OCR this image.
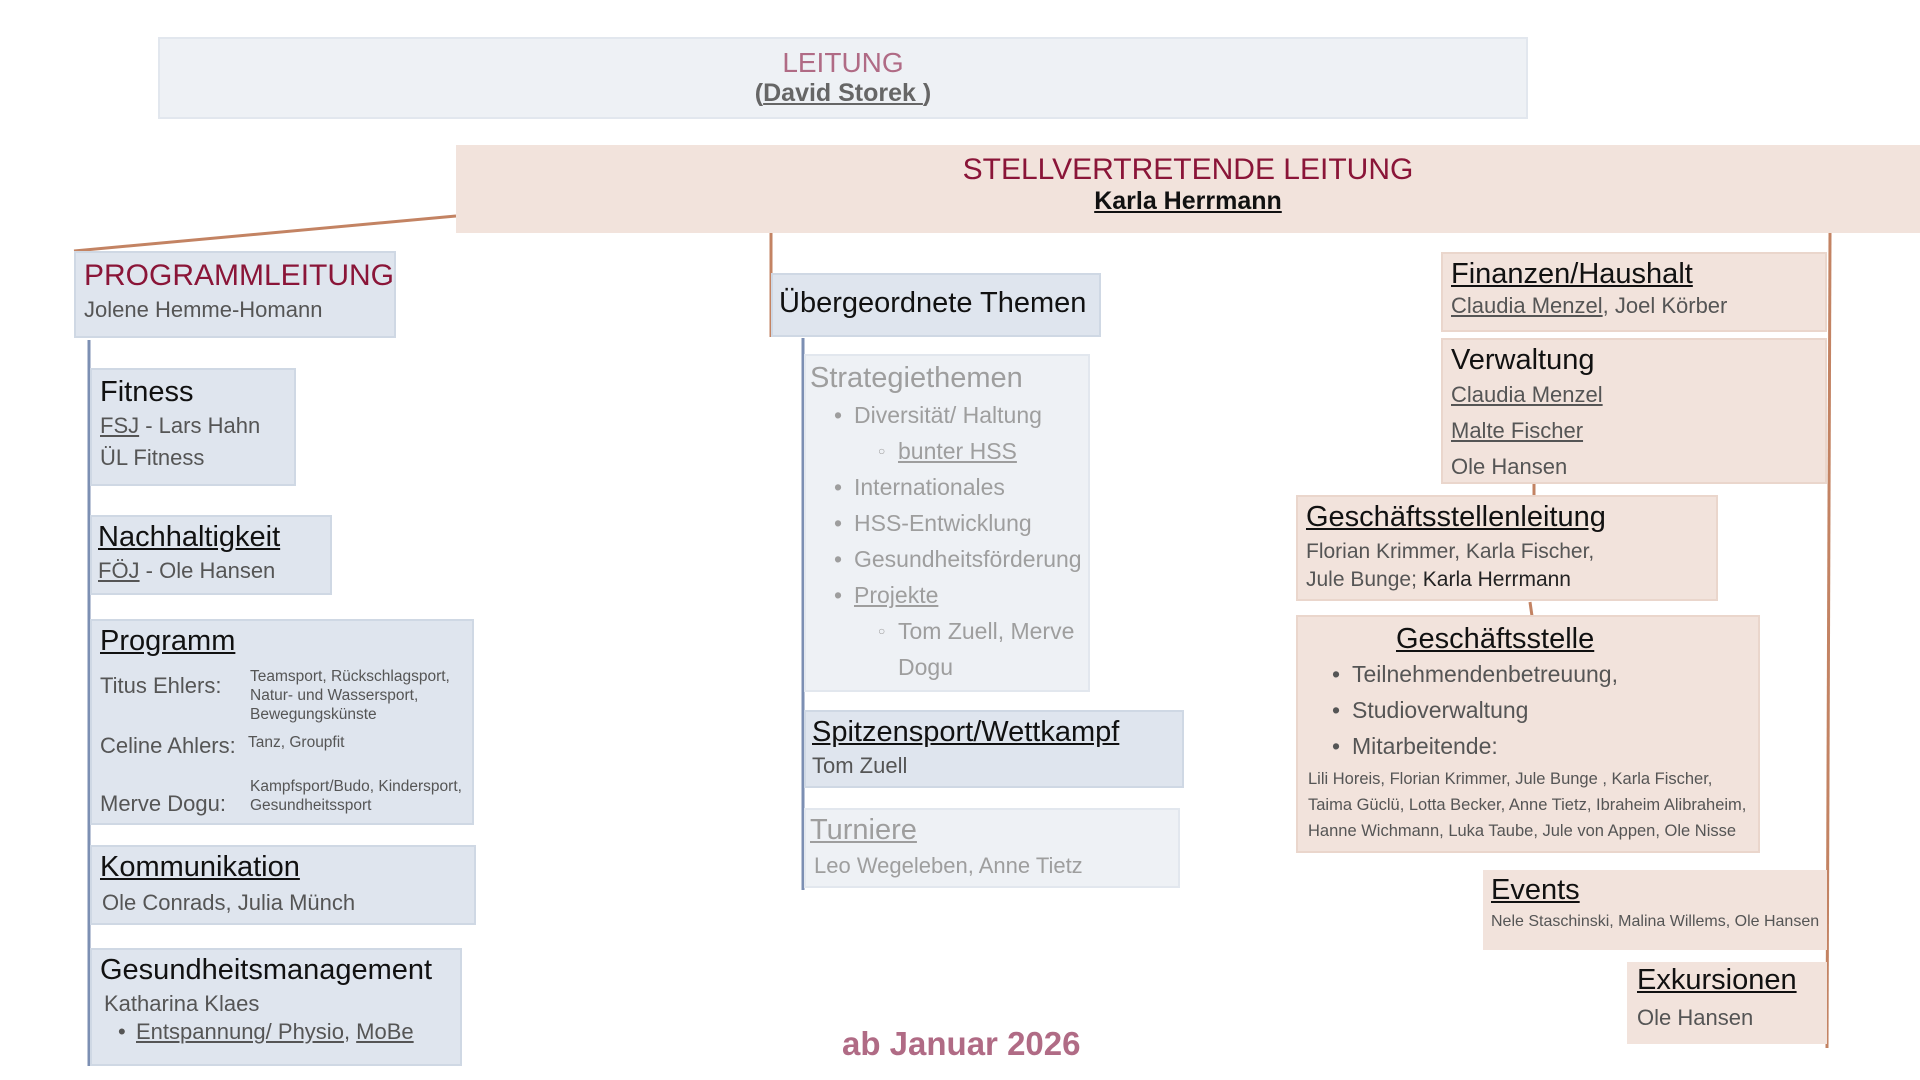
LEITUNG
(David Storek )
STELLVERTRETENDE LEITUNG
Karla Herrmann
PROGRAMMLEITUNG
Jolene Hemme-Homann
Fitness
FSJ - Lars Hahn
ÜL Fitness
Nachhaltigkeit
FÖJ - Ole Hansen
Programm
Titus Ehlers: Teamsport, Rückschlagsport,
Natur- und Wassersport,
Bewegungskünste
Celine Ahlers: Tanz, Groupfit
Merve Dogu:
Kampfsport/Budo, Kindersport,
Gesundheitssport
Kommunikation
Ole Conrads, Julia Münch
Gesundheitsmanagement
Katharina Klaes
• Entspannung/ Physio, MoBe
Übergeordnete Themen
Strategiethemen
• Diversität/ Haltung
○ bunter HSS
• Internationales
• HSS-Entwicklung
• Gesundheitsförderung
• Projekte
○ Tom Zuell, Merve
Dogu
Spitzensport/Wettkampf
Tom Zuell
Turniere
Leo Wegeleben, Anne Tietz
Finanzen/Haushalt
Claudia Menzel, Joel Körber
Verwaltung
Claudia Menzel
Malte Fischer
Ole Hansen
Geschäftsstellenleitung
Florian Krimmer, Karla Fischer,
Jule Bunge; Karla Herrmann
Geschäftsstelle
• Teilnehmendenbetreuung,
• Studioverwaltung
• Mitarbeitende:
Lili Horeis, Florian Krimmer, Jule Bunge , Karla Fischer,
Taima Güclü, Lotta Becker, Anne Tietz, Ibraheim Alibraheim,
Hanne Wichmann, Luka Taube, Jule von Appen, Ole Nisse
Events
Nele Staschinski, Malina Willems, Ole Hansen
Exkursionen
Ole Hansen
ab Januar 2026
